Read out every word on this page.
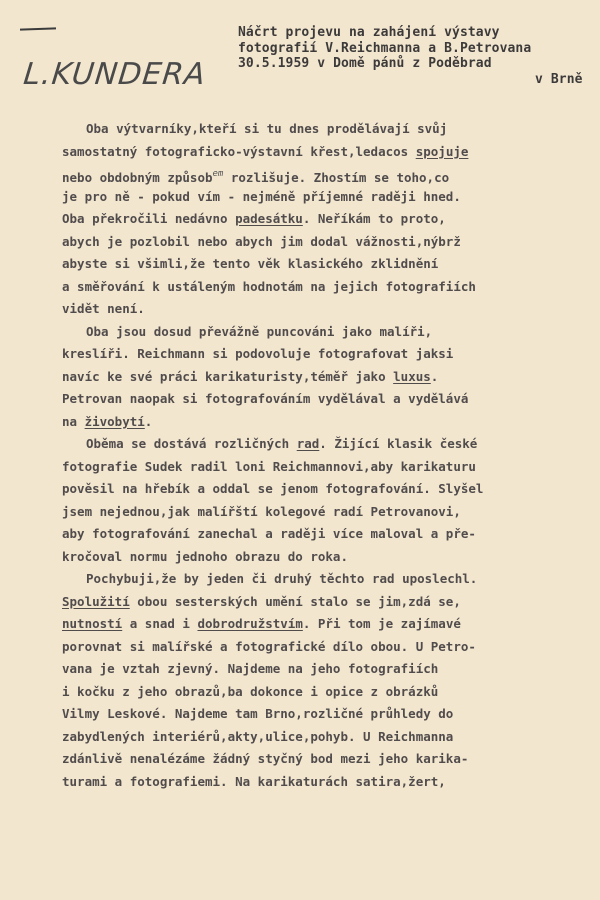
L.KUNDERA
Náčrt projevu na zahájení výstavy
fotografií V.Reichmanna a B.Petrovana
30.5.1959 v Domě pánů z Poděbrad
v Brně
Oba výtvarníky,kteří si tu dnes prodělávají svůj
samostatný fotograficko-výstavní křest,ledacos spojuje
nebo obdobným způsob$^{em}$ rozlišuje. Zhostím se toho,co
je pro ně - pokud vím - nejméně příjemné raději hned.
Oba překročili nedávno padesátku. Neříkám to proto,
abych je pozlobil nebo abych jim dodal vážnosti,nýbrž
abyste si všimli,že tento věk klasického zklidnění
a směřování k ustáleným hodnotám na jejich fotografiích
vidět není.
Oba jsou dosud převážně puncováni jako malíři,
kreslíři. Reichmann si podovoluje fotografovat jaksi
navíc ke své práci karikaturisty,téměř jako luxus.
Petrovan naopak si fotografováním vydělával a vydělává
na živobytí.
Oběma se dostává rozličných rad. Žijící klasik české
fotografie Sudek radil loni Reichmannovi,aby karikaturu
pověsil na hřebík a oddal se jenom fotografování. Slyšel
jsem nejednou,jak malířští kolegové radí Petrovanovi,
aby fotografování zanechal a raději více maloval a pře-
kročoval normu jednoho obrazu do roka.
Pochybuji,že by jeden či druhý těchto rad uposlechl.
Spolužití obou sesterských umění stalo se jim,zdá se,
nutností a snad i dobrodružstvím. Při tom je zajímavé
porovnat si malířské a fotografické dílo obou. U Petro-
vana je vztah zjevný. Najdeme na jeho fotografiích
i kočku z jeho obrazů,ba dokonce i opice z obrázků
Vilmy Leskové. Najdeme tam Brno,rozličné průhledy do
zabydlených interiérů,akty,ulice,pohyb. U Reichmanna
zdánlivě nenalézáme žádný styčný bod mezi jeho karika-
turami a fotografiemi. Na karikaturách satira,žert,
